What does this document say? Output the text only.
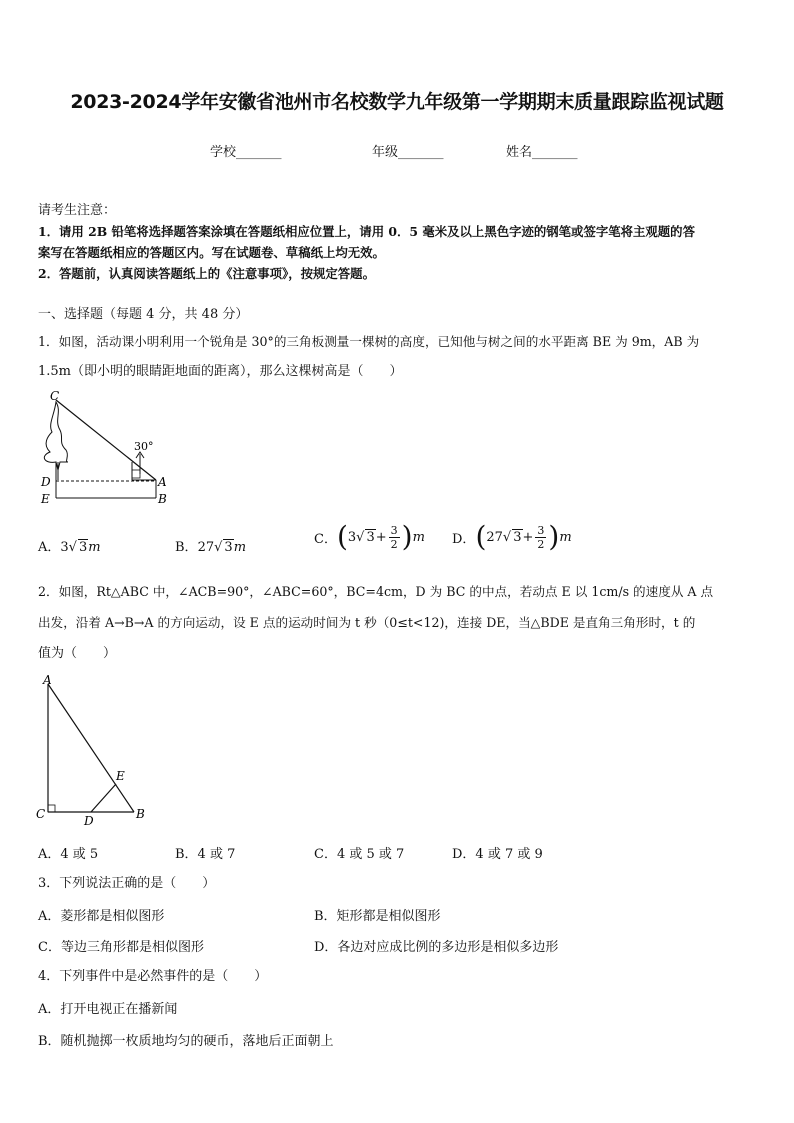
2023-2024学年安徽省池州市名校数学九年级第一学期期末质量跟踪监视试题
学校_______	年级_______	姓名_______
请考生注意：
1．请用 2B 铅笔将选择题答案涂填在答题纸相应位置上，请用 0．5 毫米及以上黑色字迹的钢笔或签字笔将主观题的答
案写在答题纸相应的答题区内。写在试题卷、草稿纸上均无效。
2．答题前，认真阅读答题纸上的《注意事项》，按规定答题。
一、选择题（每题 4 分，共 48 分）
1．如图，活动课小明利用一个锐角是 30°的三角板测量一棵树的高度，已知他与树之间的水平距离 BE 为 9m，AB 为
1.5m（即小明的眼睛距地面的距离），那么这棵树高是（　　）
C
D
E
A
B
30°
A．3√ 3m	B．27√ 3m
C． ( 3 √ $3 + \frac{3}{2}$ ) m D． ( 27 √ $3 + \frac{3}{2}$ ) m
2．如图，Rt△ABC 中，∠ACB=90°，∠ABC=60°，BC=4cm，D 为 BC 的中点，若动点 E 以 1cm/s 的速度从 A 点
出发，沿着 A→B→A 的方向运动，设 E 点的运动时间为 t 秒（0≤t<12)，连接 DE，当△BDE 是直角三角形时，t 的
值为（　　）
A
E
C	D	B
A．4 或 5	B．4 或 7	C．4 或 5 或 7	D．4 或 7 或 9
3．下列说法正确的是（　　）
A．菱形都是相似图形	B．矩形都是相似图形
C．等边三角形都是相似图形	D．各边对应成比例的多边形是相似多边形
4．下列事件中是必然事件的是（　　）
A．打开电视正在播新闻
B．随机抛掷一枚质地均匀的硬币，落地后正面朝上
